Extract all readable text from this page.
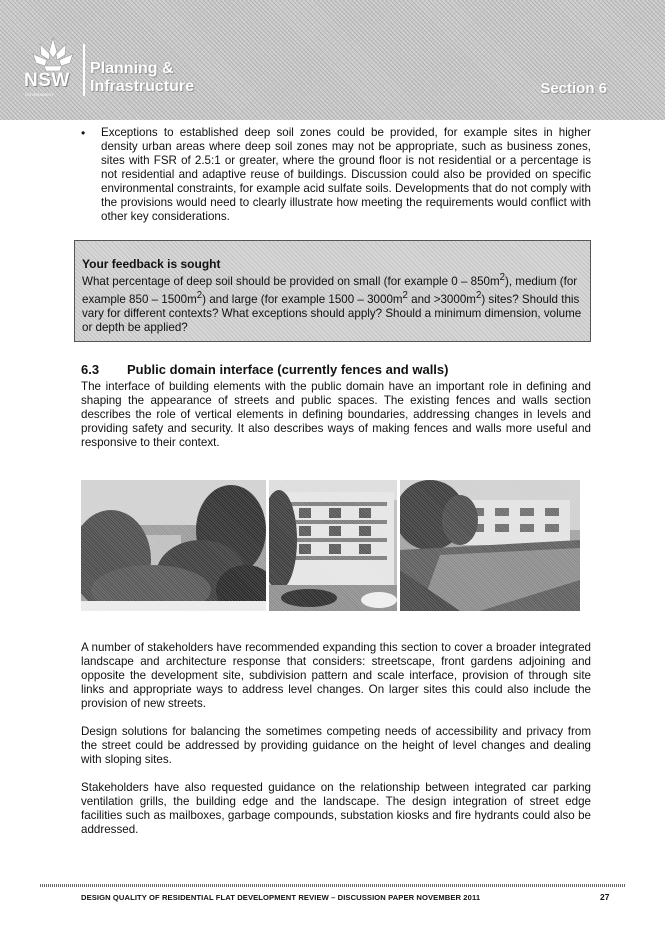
NSW
GOVERNMENT
Planning &
Infrastructure	Section 6
•	Exceptions to established deep soil zones could be provided, for example sites in higher density urban areas where deep soil zones may not be appropriate, such as business zones, sites with FSR of 2.5:1 or greater, where the ground floor is not residential or a percentage is not residential and adaptive reuse of buildings. Discussion could also be provided on specific environmental constraints, for example acid sulfate soils. Developments that do not comply with the provisions would need to clearly illustrate how meeting the requirements would conflict with other key considerations.

Your feedback is sought

What percentage of deep soil should be provided on small (for example $0 - 850m^2$), medium (for example $850 - 1500m^2$) and large (for example $1500 - 3000m^2$ and $>3000m^2$) sites? Should this vary for different contexts? What exceptions should apply? Should a minimum dimension, volume or depth be applied?

6.3 Public domain interface (currently fences and walls)

The interface of building elements with the public domain have an important role in defining and shaping the appearance of streets and public spaces. The existing fences and walls section describes the role of vertical elements in defining boundaries, addressing changes in levels and providing safety and security. It also describes ways of making fences and walls more useful and responsive to their context.

A number of stakeholders have recommended expanding this section to cover a broader integrated landscape and architecture response that considers: streetscape, front gardens adjoining and opposite the development site, subdivision pattern and scale interface, provision of through site links and appropriate ways to address level changes. On larger sites this could also include the provision of new streets.

Design solutions for balancing the sometimes competing needs of accessibility and privacy from the street could be addressed by providing guidance on the height of level changes and dealing with sloping sites.

Stakeholders have also requested guidance on the relationship between integrated car parking ventilation grills, the building edge and the landscape. The design integration of street edge facilities such as mailboxes, garbage compounds, substation kiosks and fire hydrants could also be addressed.

DESIGN QUALITY OF RESIDENTIAL FLAT DEVELOPMENT REVIEW – DISCUSSION PAPER NOVEMBER 2011	27
